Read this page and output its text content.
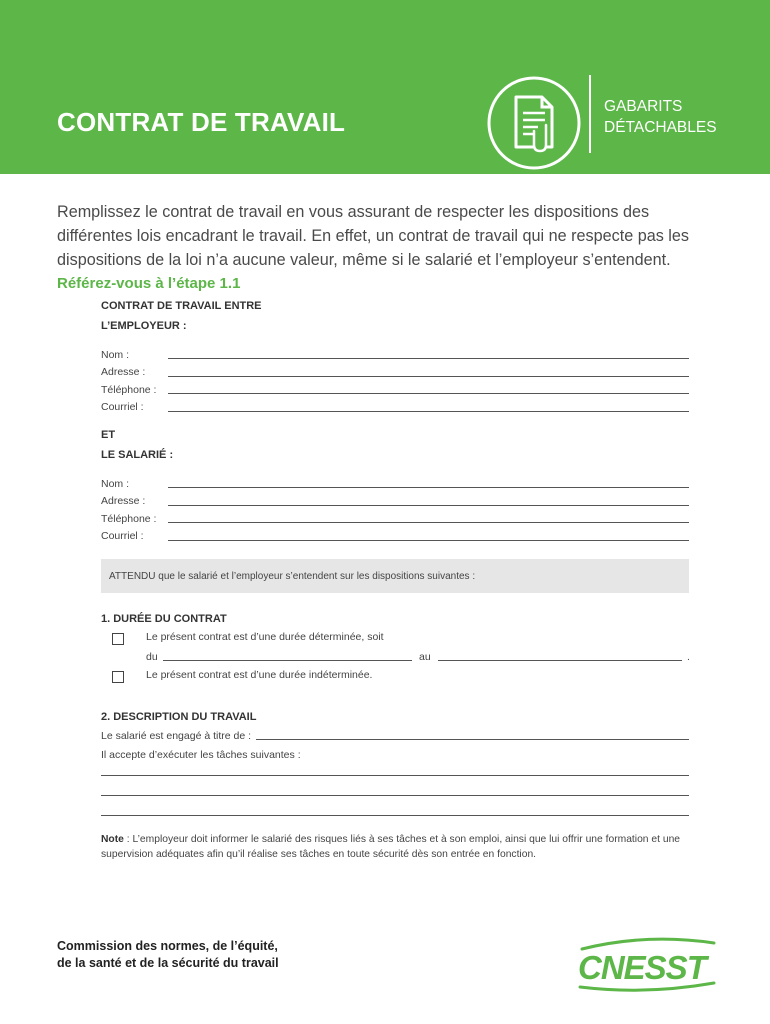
CONTRAT DE TRAVAIL
GABARITS
DÉTACHABLES
Remplissez le contrat de travail en vous assurant de respecter les dispositions des différentes lois encadrant le travail. En effet, un contrat de travail qui ne respecte pas les dispositions de la loi n’a aucune valeur, même si le salarié et l’employeur s’entendent.
Référez-vous à l’étape 1.1
CONTRAT DE TRAVAIL ENTRE
L’EMPLOYEUR :
Nom :
Adresse :
Téléphone :
Courriel :
ET
LE SALARIÉ :
Nom :
Adresse :
Téléphone :
Courriel :
ATTENDU que le salarié et l’employeur s’entendent sur les dispositions suivantes :
1. DURÉE DU CONTRAT
Le présent contrat est d’une durée déterminée, soit
du	au	.
Le présent contrat est d’une durée indéterminée.
2. DESCRIPTION DU TRAVAIL
Le salarié est engagé à titre de :
Il accepte d’exécuter les tâches suivantes :
Note : L’employeur doit informer le salarié des risques liés à ses tâches et à son emploi, ainsi que lui offrir une formation et une supervision adéquates afin qu’il réalise ses tâches en toute sécurité dès son entrée en fonction.
Commission des normes, de l’équité,
de la santé et de la sécurité du travail	CNESST
